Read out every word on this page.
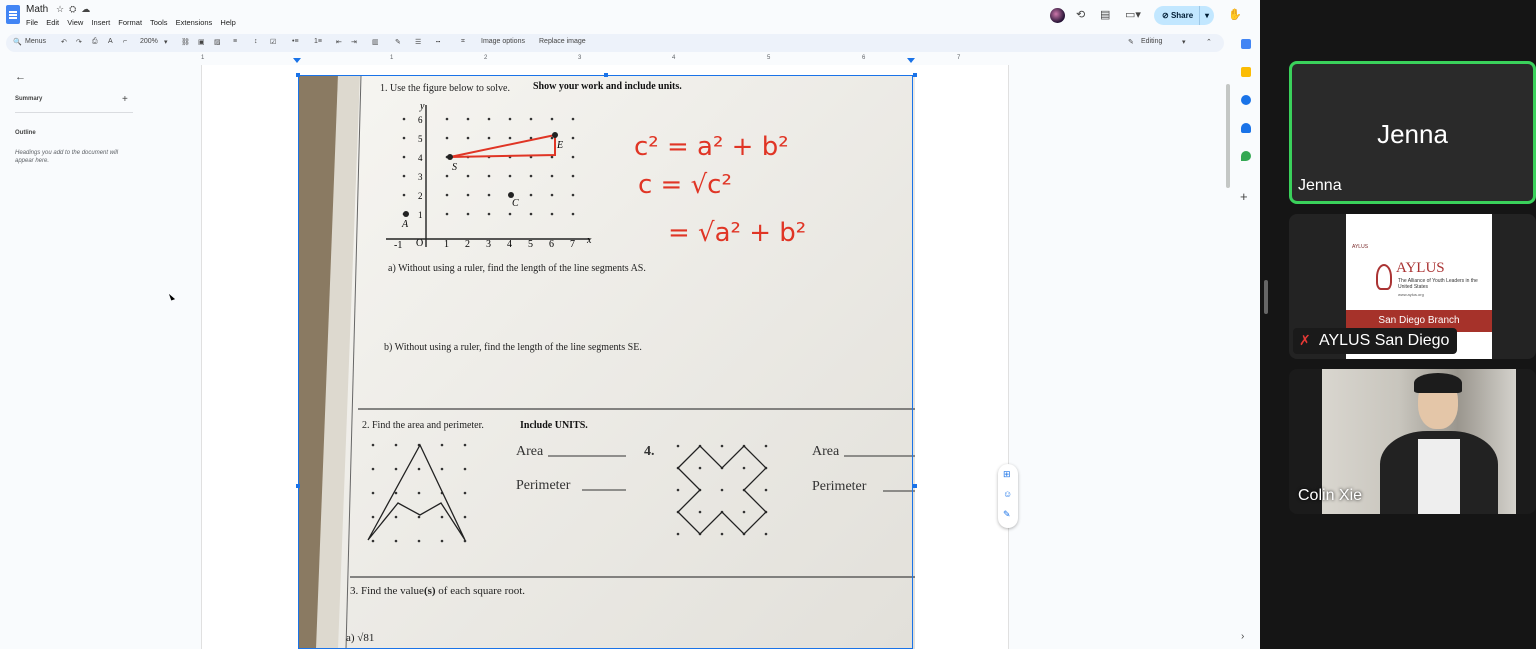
Math ☆⛭☁
File Edit View Insert Format Tools Extensions Help
⟲ ▤ ▭▾	⊘ Share	▾	✋
🔍 Menus ↶ ↷ ⎙ A ⌐ 200% ▾ ⛓ ▣ ▨ ≡ ↕ ☑ •≡ 1≡ ⇤ ⇥ ▥ ✎ ☰ ┅	⌗ Image options Replace image	✎ Editing	▾	⌃
1	1	2	3	4	5	6	7
←
Summary	+
Outline
Headings you add to the document will appear here.
1. Use the figure below to solve. Show your work and include units.
x
y
-1 O 1 2 3 4 5 6 7
1
2
3
4
5
6
A
S
C
E	c² = a² + b²
c = √c²
= √a² + b²
a) Without using a ruler, find the length of the line segments AS.
b) Without using a ruler, find the length of the line segments SE.
2. Find the area and perimeter.	Include UNITS.
Area
Perimeter
4.	Area
Perimeter
3. Find the value(s) of each square root.
a) √81
⊞
☺
✎
+
›
Jenna
Jenna
AYLUS
AYLUS
The Alliance of Youth Leaders in the United States
www.aylus.org
San Diego Branch
✗ AYLUS San Diego
Colin Xie
